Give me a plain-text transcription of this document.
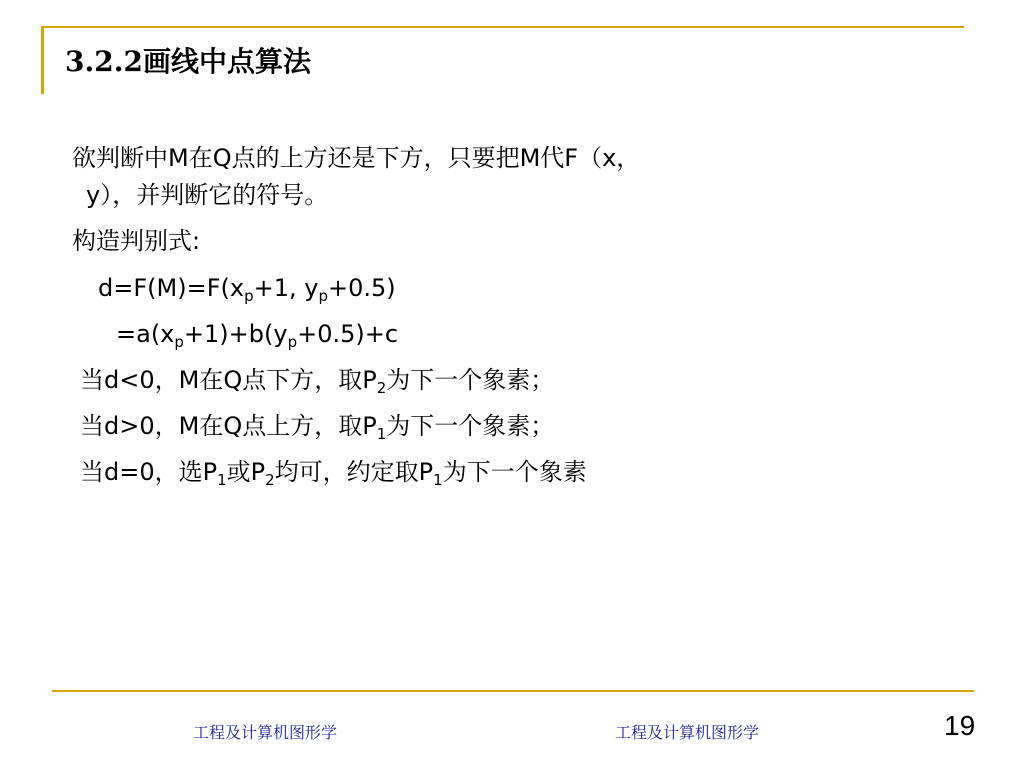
3.2.2画线中点算法
欲判断中M在Q点的上方还是下方，只要把M代F（x，
y），并判断它的符号。
构造判别式:
$d=F(M)=F(x_p+1$, $y_p+0.5$)
$=a(x_p+1)+b(y_p+0.5)+c$
当d<0，M在Q点下方，取$P_2$为下一个象素；
当d>0，M在Q点上方，取$P_1$为下一个象素；
当d=0，选$P_1$或$P_2$均可，约定取$P_1$为下一个象素
工程及计算机图形学	工程及计算机图形学	19
